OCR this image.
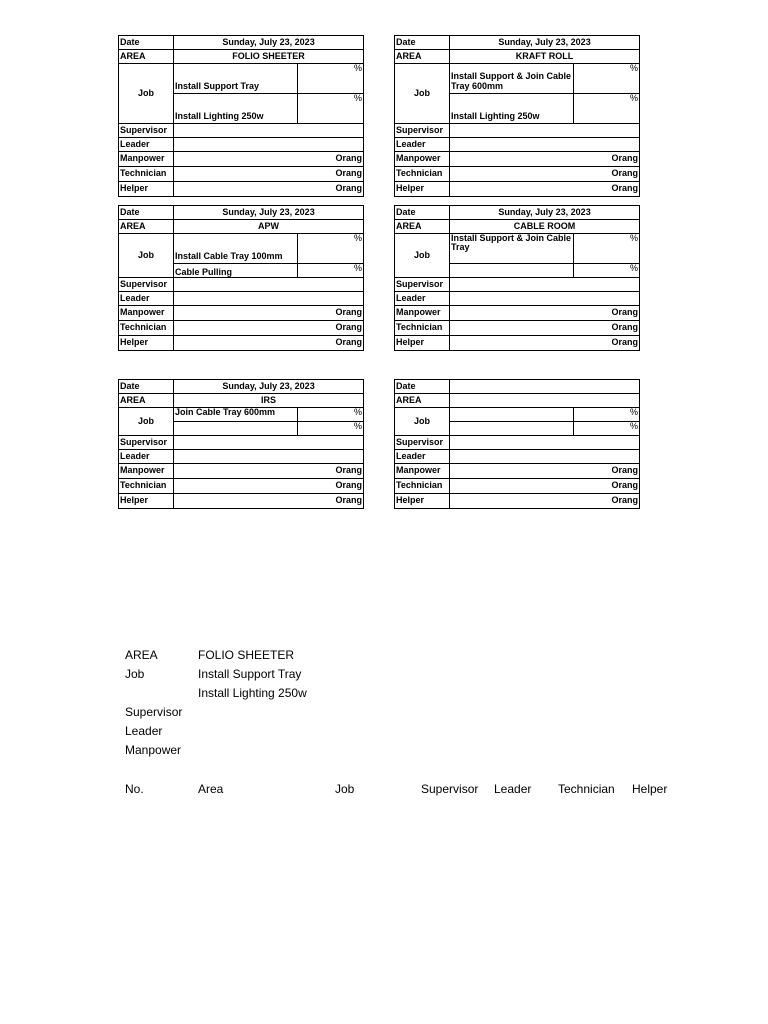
Date	Sunday, July 23, 2023	
AREA	FOLIO SHEETER	
Job	Install Support Tray	%
	Install Lighting 250w	%
Supervisor		
Leader		
Manpower	Orang	
Technician	Orang	
Helper	Orang	
Date	Sunday, July 23, 2023	
AREA	KRAFT ROLL	
Job	Install Support & Join Cable Tray 600mm	%
	Install Lighting 250w	%
Supervisor		
Leader		
Manpower	Orang	
Technician	Orang	
Helper	Orang	
Date	Sunday, July 23, 2023	
AREA	APW	
Job	Install Cable Tray 100mm	%
	Cable Pulling	%
Supervisor		
Leader		
Manpower	Orang	
Technician	Orang	
Helper	Orang	
Date	Sunday, July 23, 2023	
AREA	CABLE ROOM	
Job	Install Support & Join Cable Tray	%
		%
Supervisor		
Leader		
Manpower	Orang	
Technician	Orang	
Helper	Orang	
Date	Sunday, July 23, 2023	
AREA	IRS	
Job	Join Cable Tray 600mm	%
		%
Supervisor		
Leader		
Manpower	Orang	
Technician	Orang	
Helper	Orang	
Date		
AREA		
Job		%
		%
Supervisor		
Leader		
Manpower	Orang	
Technician	Orang	
Helper	Orang	
AREA	FOLIO SHEETER
Job	Install Support Tray
Install Lighting 250w
Supervisor
Leader
Manpower
No.	Area	Job	Supervisor Leader Technician Helper
